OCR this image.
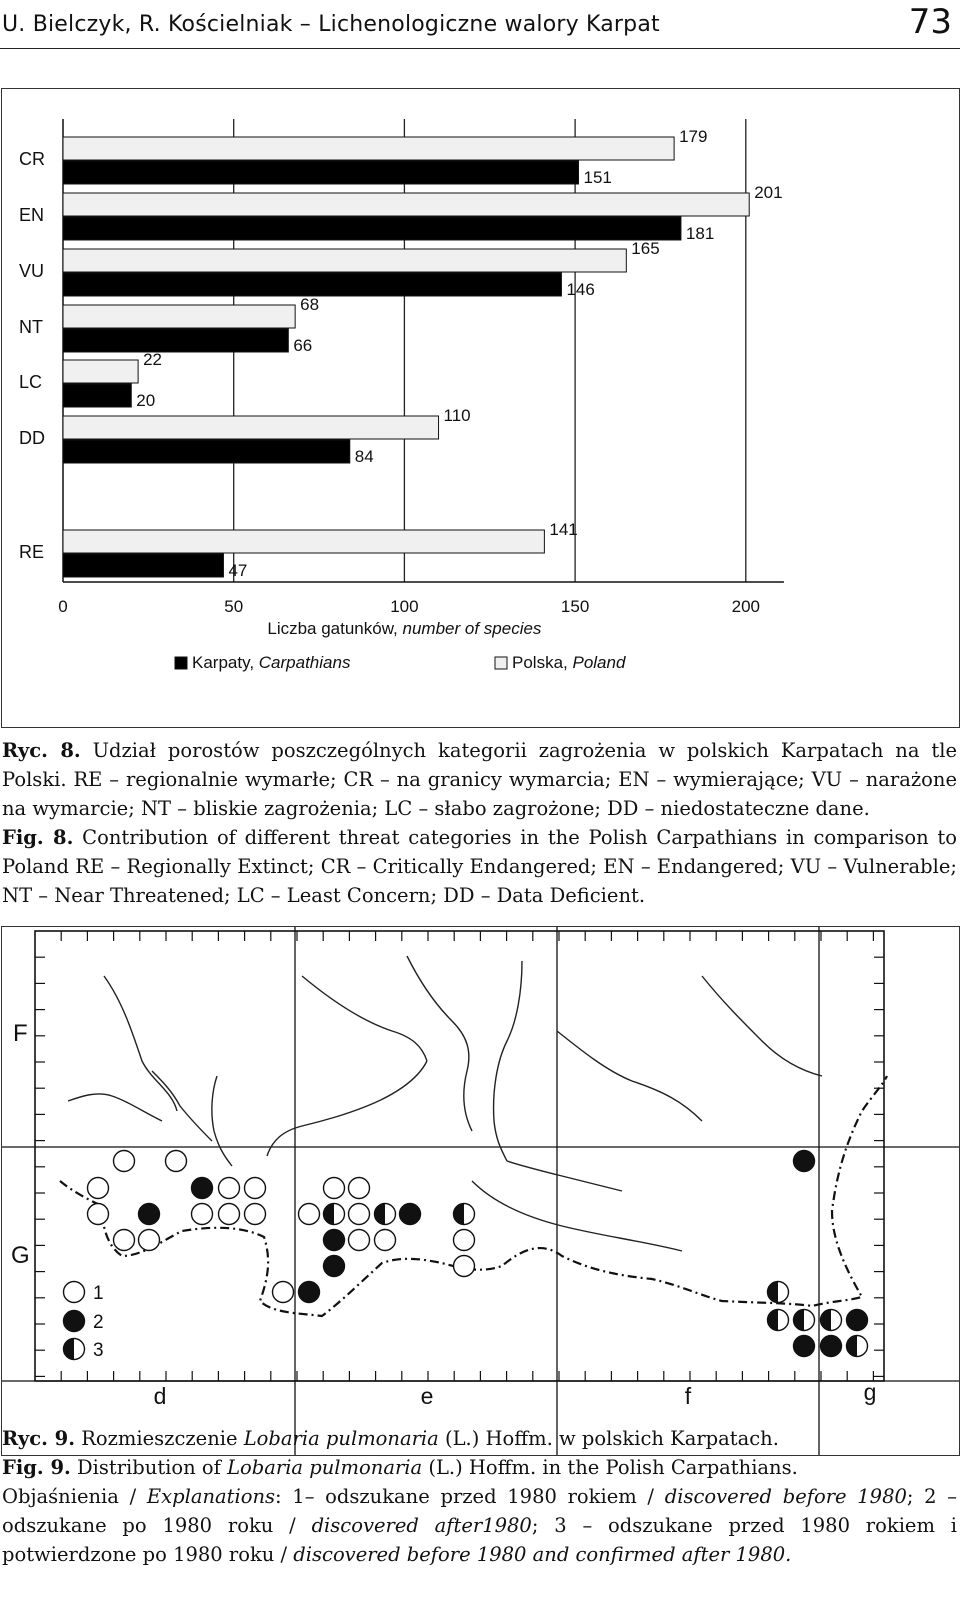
U. Bielczyk, R. Kościelniak – Lichenologiczne walory Karpat	73
CR
179
151
EN
201
181
VU
165
146
NT
68
66
LC
22
20
DD
110
84
RE
141
47
0	50	100	150	200
Liczba gatunków, number of species
Karpaty, Carpathians	Polska, Poland

Ryc. 8. Udział porostów poszczególnych kategorii zagrożenia w polskich Karpatach na tle Polski. RE – regionalnie wymarłe; CR – na granicy wymarcia; EN – wymierające; VU – narażone na wymarcie; NT – bliskie zagrożenia; LC – słabo zagrożone; DD – niedostateczne dane.

Fig. 8. Contribution of different threat categories in the Polish Carpathians in comparison to Poland RE – Regionally Extinct; CR – Critically Endangered; EN – Endangered; VU – Vulnerable; NT – Near Threatened; LC – Least Concern; DD – Data Deficient.

F
G
d	e	f	g
1
2
3

Ryc. 9. Rozmieszczenie Lobaria pulmonaria (L.) Hoffm. w polskich Karpatach.

Fig. 9. Distribution of Lobaria pulmonaria (L.) Hoffm. in the Polish Carpathians.

Objaśnienia / Explanations: 1– odszukane przed 1980 rokiem / discovered before 1980; 2 – odszukane po 1980 roku / discovered after1980; 3 – odszukane przed 1980 rokiem i potwierdzone po 1980 roku / discovered before 1980 and confirmed after 1980.
